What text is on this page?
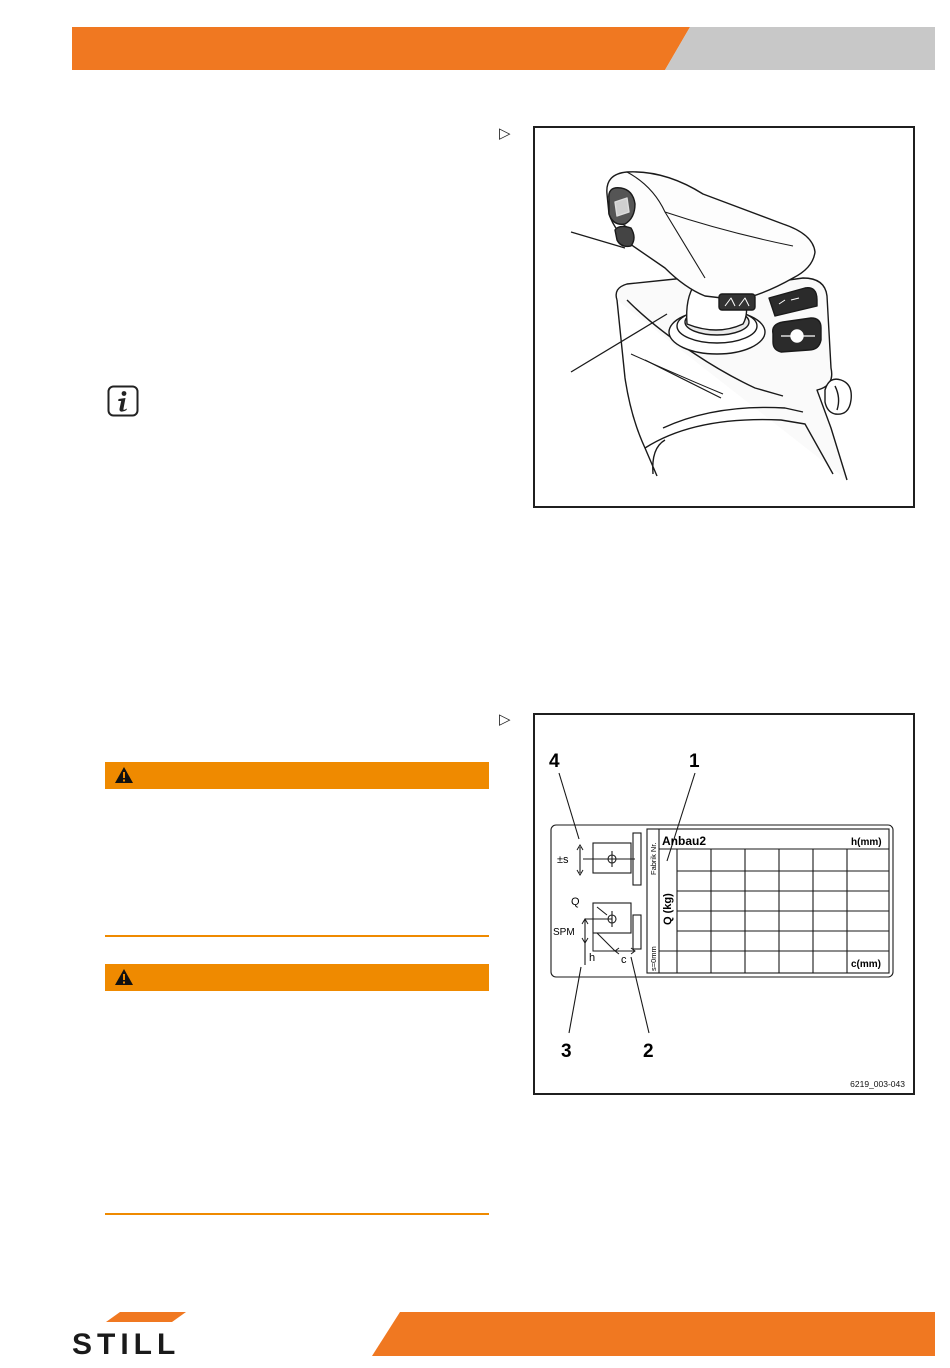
▷
▷
4	1
3	2
Anbau2	h(mm)
c(mm)
Fabrik Nr.
Q (kg)
s=0mm
±s
Q
SPM
h c
6219_003-043
STILL
